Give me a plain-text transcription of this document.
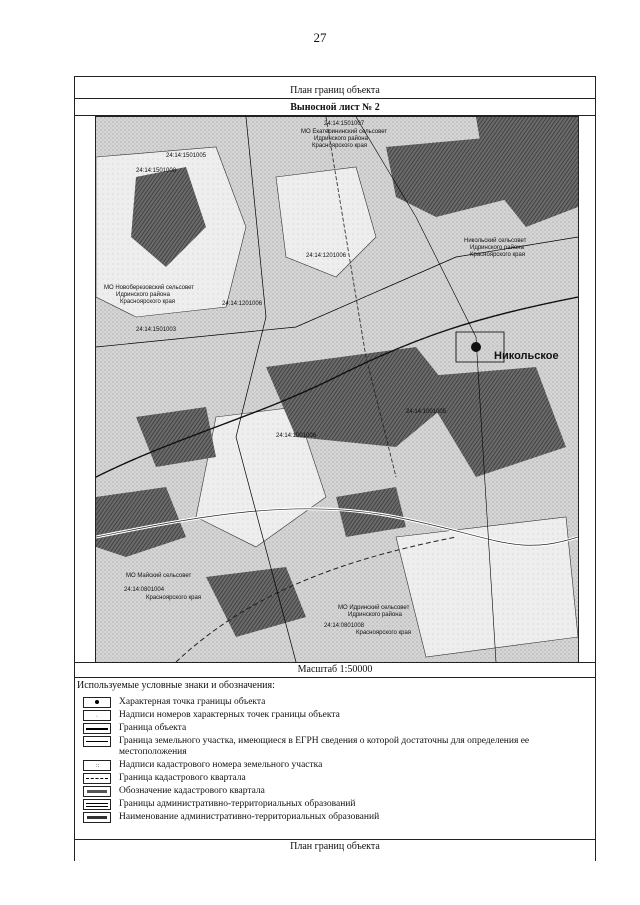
27
План границ объекта
Выносной лист № 2
24:14:1501007
МО Екатерининский сельсовет
Идринского района
Красноярского края
24:14:1501008
24:14:1501005
МО Новоберезовский сельсовет
Идринского района
Красноярского края	24:14:1201006
24:14:1501003
24:14:1201006
Никольский сельсовет
Идринского района
Красноярского края
Никольское
24:14:1001005
24:14:1001006
МО Майский сельсовет
24:14:0801004
Красноярского края
МО Идринский сельсовет
Идринского района
24:14:0801008
Красноярского края
Масштаб 1:50000
Используемые условные знаки и обозначения:
Характерная точка границы объекта
· Надписи номеров характерных точек границы объекта
Граница объекта
Граница земельного участка, имеющиеся в ЕГРН сведения о которой достаточны для определения ее местоположения
:: Надписи кадастрового номера земельного участка
Граница кадастрового квартала
Обозначение кадастрового квартала
Границы административно-территориальных образований
Наименование административно-территориальных образований
План границ объекта
